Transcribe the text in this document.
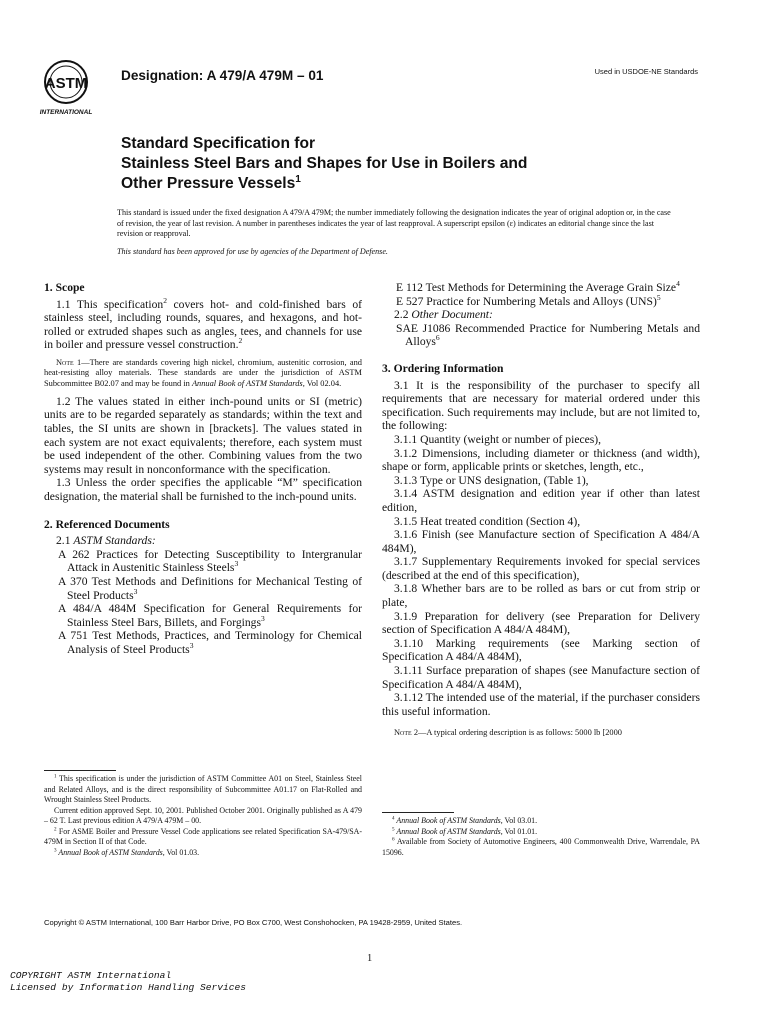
ASTM
INTERNATIONAL
Designation: A 479/A 479M – 01	Used in USDOE-NE Standards
Standard Specification for
Stainless Steel Bars and Shapes for Use in Boilers and
Other Pressure Vessels$^1$

This standard is issued under the fixed designation A 479/A 479M; the number immediately following the designation indicates the year of original adoption or, in the case of revision, the year of last revision. A number in parentheses indicates the year of last reapproval. A superscript epsilon (ε) indicates an editorial change since the last revision or reapproval.

This standard has been approved for use by agencies of the Department of Defense.

1. Scope

1.1 This specification$^2$ covers hot- and cold-finished bars of stainless steel, including rounds, squares, and hexagons, and hot-rolled or extruded shapes such as angles, tees, and channels for use in boiler and pressure vessel construction.$^2$

Note 1—There are standards covering high nickel, chromium, austenitic corrosion, and heat-resisting alloy materials. These standards are under the jurisdiction of ASTM Subcommittee B02.07 and may be found in Annual Book of ASTM Standards, Vol 02.04.

1.2 The values stated in either inch-pound units or SI (metric) units are to be regarded separately as standards; within the text and tables, the SI units are shown in [brackets]. The values stated in each system are not exact equivalents; therefore, each system must be used independent of the other. Combining values from the two systems may result in nonconformance with the specification.

1.3 Unless the order specifies the applicable “M” specification designation, the material shall be furnished to the inch-pound units.

2. Referenced Documents

2.1 ASTM Standards:

A 262 Practices for Detecting Susceptibility to Intergranular Attack in Austenitic Stainless Steels$^3$

A 370 Test Methods and Definitions for Mechanical Testing of Steel Products$^3$

A 484/A 484M Specification for General Requirements for Stainless Steel Bars, Billets, and Forgings$^3$

A 751 Test Methods, Practices, and Terminology for Chemical Analysis of Steel Products$^3$

E 112 Test Methods for Determining the Average Grain Size$^4$

E 527 Practice for Numbering Metals and Alloys (UNS)$^5$

2.2 Other Document:

SAE J1086 Recommended Practice for Numbering Metals and Alloys$^6$

3. Ordering Information

3.1 It is the responsibility of the purchaser to specify all requirements that are necessary for material ordered under this specification. Such requirements may include, but are not limited to, the following:

3.1.1 Quantity (weight or number of pieces),

3.1.2 Dimensions, including diameter or thickness (and width), shape or form, applicable prints or sketches, length, etc.,

3.1.3 Type or UNS designation, (Table 1),

3.1.4 ASTM designation and edition year if other than latest edition,

3.1.5 Heat treated condition (Section 4),

3.1.6 Finish (see Manufacture section of Specification A 484/A 484M),

3.1.7 Supplementary Requirements invoked for special services (described at the end of this specification),

3.1.8 Whether bars are to be rolled as bars or cut from strip or plate,

3.1.9 Preparation for delivery (see Preparation for Delivery section of Specification A 484/A 484M),

3.1.10 Marking requirements (see Marking section of Specification A 484/A 484M),

3.1.11 Surface preparation of shapes (see Manufacture section of Specification A 484/A 484M),

3.1.12 The intended use of the material, if the purchaser considers this useful information.

Note 2—A typical ordering description is as follows: 5000 lb [2000

$^1$ This specification is under the jurisdiction of ASTM Committee A01 on Steel, Stainless Steel and Related Alloys, and is the direct responsibility of Subcommittee A01.17 on Flat-Rolled and Wrought Stainless Steel Products.

Current edition approved Sept. 10, 2001. Published October 2001. Originally published as A 479 – 62 T. Last previous edition A 479/A 479M – 00.

$^2$ For ASME Boiler and Pressure Vessel Code applications see related Specification SA-479/SA-479M in Section II of that Code.

$^3$ Annual Book of ASTM Standards, Vol 01.03.

$^4$ Annual Book of ASTM Standards, Vol 03.01.

$^5$ Annual Book of ASTM Standards, Vol 01.01.

$^6$ Available from Society of Automotive Engineers, 400 Commonwealth Drive, Warrendale, PA 15096.

Copyright © ASTM International, 100 Barr Harbor Drive, PO Box C700, West Conshohocken, PA 19428-2959, United States.
1
COPYRIGHT ASTM International
Licensed by Information Handling Services
